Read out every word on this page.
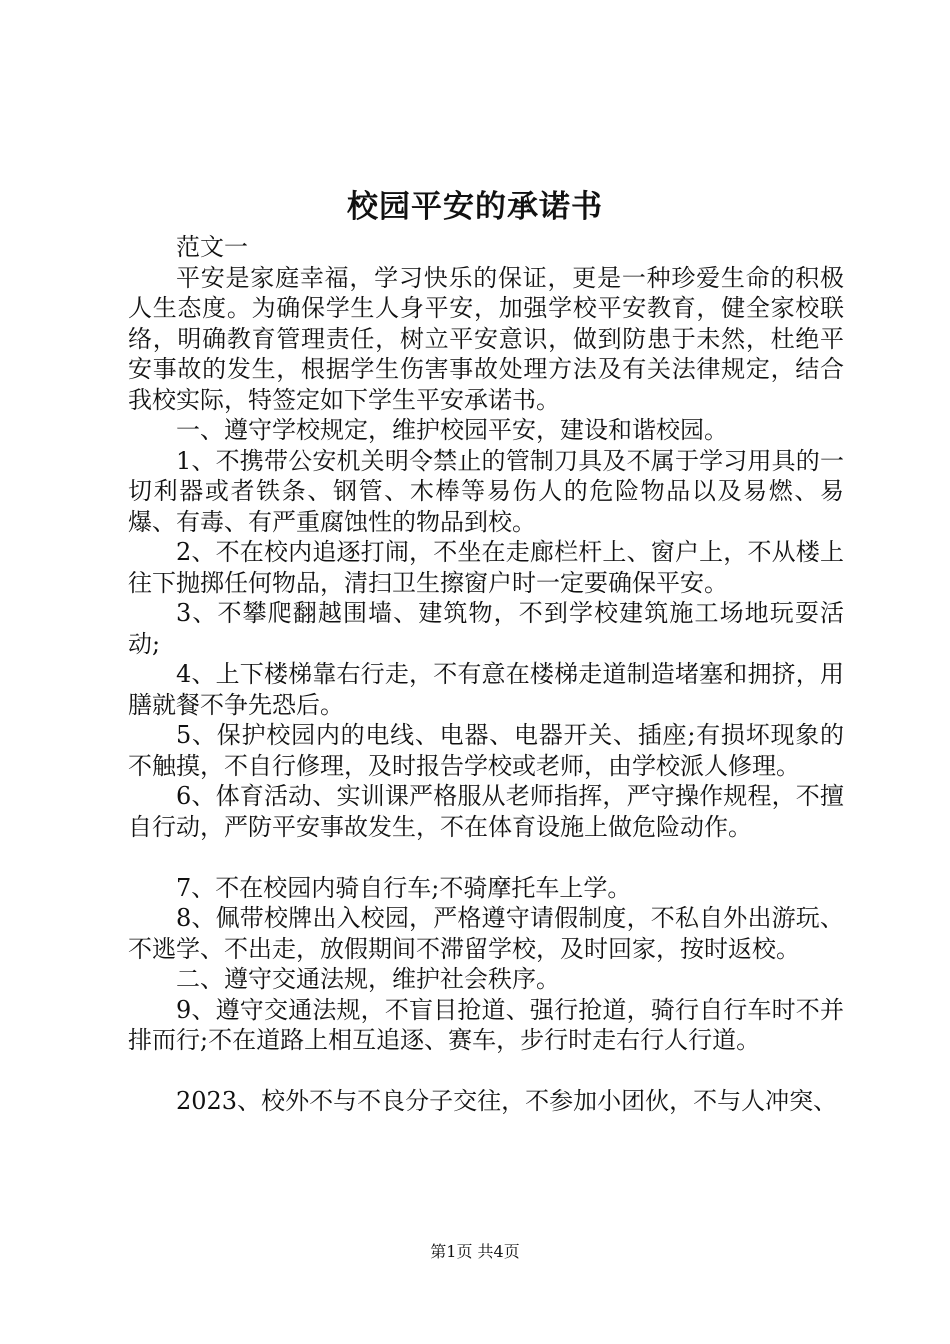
校园平安的承诺书

范文一

平安是家庭幸福，学习快乐的保证，更是一种珍爱生命的积极人生态度。为确保学生人身平安，加强学校平安教育，健全家校联络，明确教育管理责任，树立平安意识，做到防患于未然，杜绝平安事故的发生，根据学生伤害事故处理方法及有关法律规定，结合我校实际，特签定如下学生平安承诺书。

一、遵守学校规定，维护校园平安，建设和谐校园。

1、不携带公安机关明令禁止的管制刀具及不属于学习用具的一切利器或者铁条、钢管、木棒等易伤人的危险物品以及易燃、易爆、有毒、有严重腐蚀性的物品到校。

2、不在校内追逐打闹，不坐在走廊栏杆上、窗户上，不从楼上往下抛掷任何物品，清扫卫生擦窗户时一定要确保平安。

3、不攀爬翻越围墙、建筑物，不到学校建筑施工场地玩耍活动;

4、上下楼梯靠右行走，不有意在楼梯走道制造堵塞和拥挤，用膳就餐不争先恐后。

5、保护校园内的电线、电器、电器开关、插座;有损坏现象的不触摸，不自行修理，及时报告学校或老师，由学校派人修理。

6、体育活动、实训课严格服从老师指挥，严守操作规程，不擅自行动，严防平安事故发生，不在体育设施上做危险动作。

7、不在校园内骑自行车;不骑摩托车上学。

8、佩带校牌出入校园，严格遵守请假制度，不私自外出游玩、不逃学、不出走，放假期间不滞留学校，及时回家，按时返校。

二、遵守交通法规，维护社会秩序。

9、遵守交通法规，不盲目抢道、强行抢道，骑行自行车时不并排而行;不在道路上相互追逐、赛车，步行时走右行人行道。

2023、校外不与不良分子交往，不参加小团伙，不与人冲突、

第1页 共4页
